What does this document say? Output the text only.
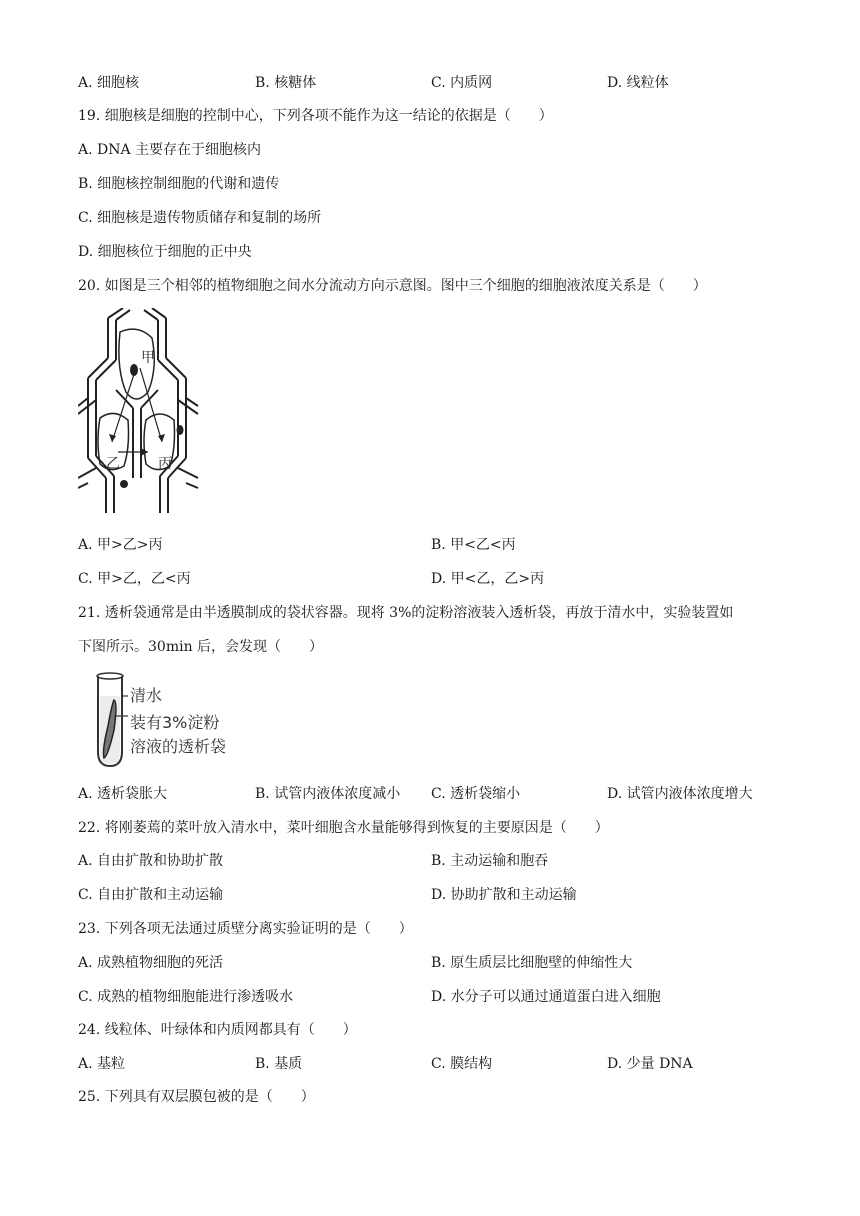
A. 细胞核	B. 核糖体	C. 内质网	D. 线粒体
19. 细胞核是细胞的控制中心，下列各项不能作为这一结论的依据是（　　）
A. DNA 主要存在于细胞核内
B. 细胞核控制细胞的代谢和遗传
C. 细胞核是遗传物质储存和复制的场所
D. 细胞核位于细胞的正中央
20. 如图是三个相邻的植物细胞之间水分流动方向示意图。图中三个细胞的细胞液浓度关系是（　　）
甲
乙	丙
A. 甲>乙>丙	B. 甲<乙<丙
C. 甲>乙，乙<丙	D. 甲<乙，乙>丙
21. 透析袋通常是由半透膜制成的袋状容器。现将 3%的淀粉溶液装入透析袋，再放于清水中，实验装置如
下图所示。30min 后，会发现（　　）
清水
装有3%淀粉
溶液的透析袋
A. 透析袋胀大	B. 试管内液体浓度减小 C. 透析袋缩小	D. 试管内液体浓度增大
22. 将刚萎蔫的菜叶放入清水中，菜叶细胞含水量能够得到恢复的主要原因是（　　）
A. 自由扩散和协助扩散	B. 主动运输和胞吞
C. 自由扩散和主动运输	D. 协助扩散和主动运输
23. 下列各项无法通过质壁分离实验证明的是（　　）
A. 成熟植物细胞的死活	B. 原生质层比细胞壁的伸缩性大
C. 成熟的植物细胞能进行渗透吸水	D. 水分子可以通过通道蛋白进入细胞
24. 线粒体、叶绿体和内质网都具有（　　）
A. 基粒	B. 基质	C. 膜结构	D. 少量 DNA
25. 下列具有双层膜包被的是（　　）
